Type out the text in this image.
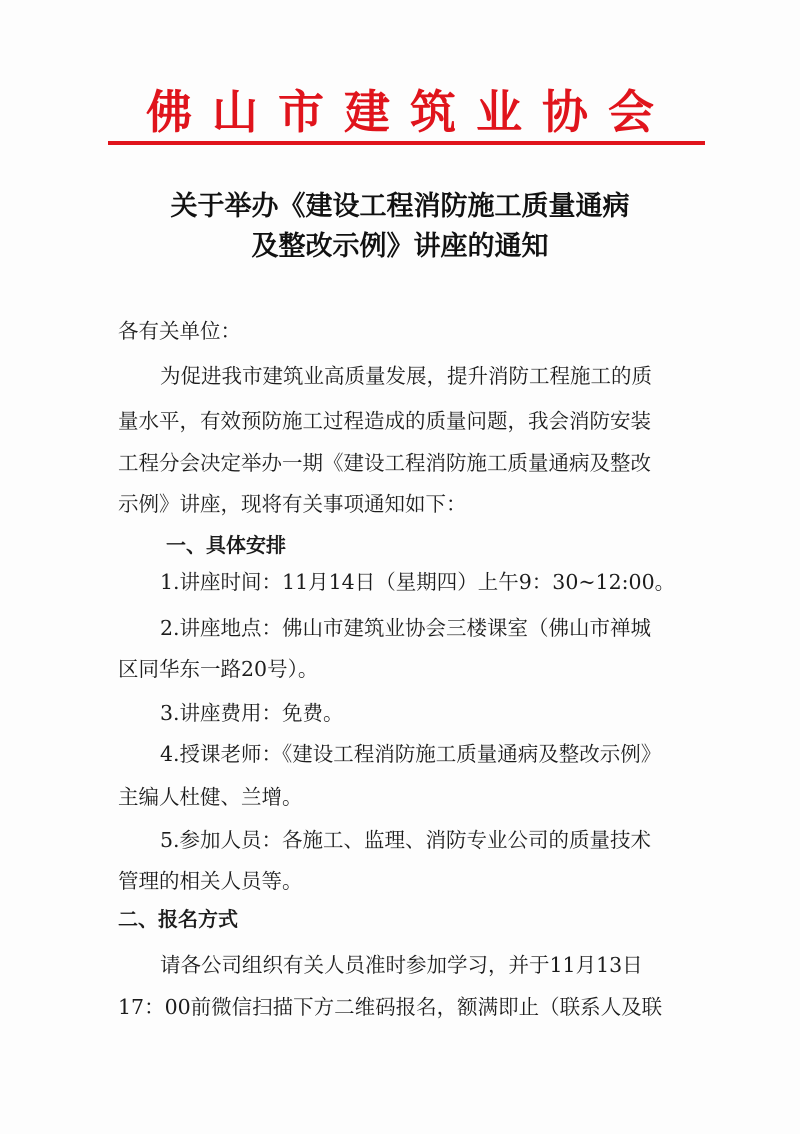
佛山市建筑业协会
关于举办《建设工程消防施工质量通病
及整改示例》讲座的通知
各有关单位：
为促进我市建筑业高质量发展，提升消防工程施工的质
量水平，有效预防施工过程造成的质量问题，我会消防安装
工程分会决定举办一期《建设工程消防施工质量通病及整改
示例》讲座，现将有关事项通知如下：
一、具体安排
1.讲座时间：11月14日（星期四）上午9：30~12:00。
2.讲座地点：佛山市建筑业协会三楼课室（佛山市禅城
区同华东一路20号）。
3.讲座费用：免费。
4.授课老师：《建设工程消防施工质量通病及整改示例》
主编人杜健、兰增。
5.参加人员：各施工、监理、消防专业公司的质量技术
管理的相关人员等。
二、报名方式
请各公司组织有关人员准时参加学习，并于11月13日
17：00前微信扫描下方二维码报名，额满即止（联系人及联
